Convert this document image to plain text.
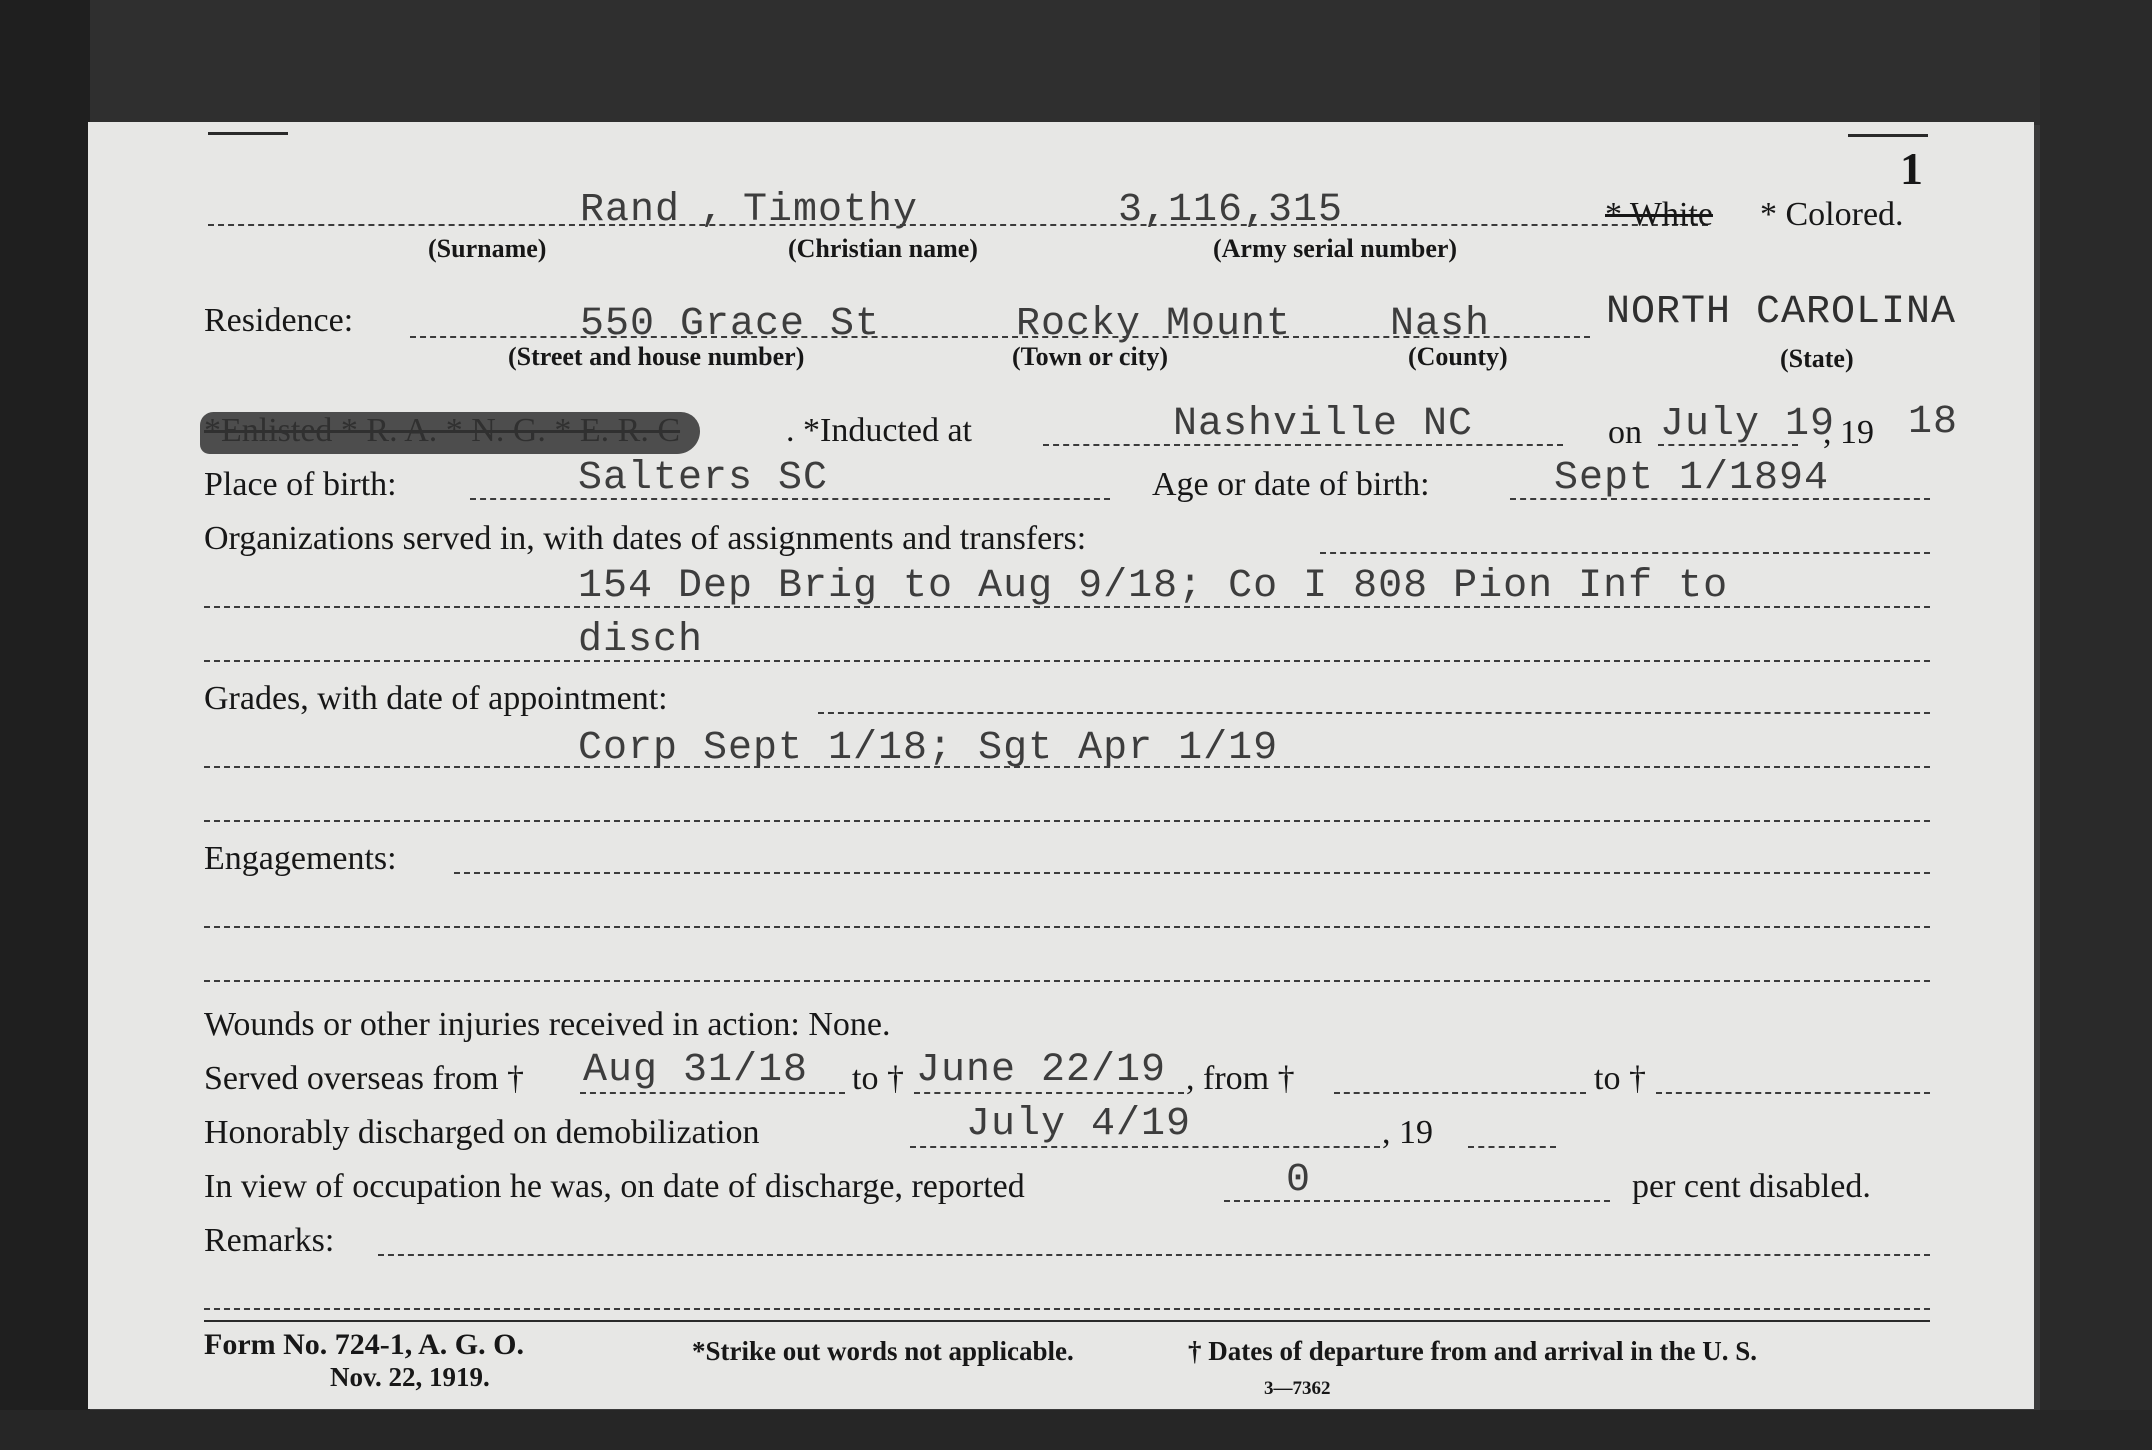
1
Rand , Timothy	3,116,315
(Surname)	(Christian name)	(Army serial number)
* White * Colored.
Residence:	550 Grace St	Rocky Mount Nash	NORTH CAROLINA
(Street and house number)	(Town or city)	(County)	(State)
. *Inducted at	Nashville NC	on July 19
, 19 18
Place of birth:	Salters SC	Age or date of birth:	Sept 1/1894
Organizations served in, with dates of assignments and transfers:
154 Dep Brig to Aug 9/18; Co I 808 Pion Inf to
disch
Grades, with date of appointment:
Corp Sept 1/18; Sgt Apr 1/19
Engagements:
Wounds or other injuries received in action: None.
Served overseas from † Aug 31/18 to † June 22/19 , from †	to †
Honorably discharged on demobilization	July 4/19	, 19
In view of occupation he was, on date of discharge, reported	0	per cent disabled.
Remarks:
Form No. 724-1, A. G. O.
Nov. 22, 1919.
*Strike out words not applicable.	† Dates of departure from and arrival in the U. S.
3—7362
